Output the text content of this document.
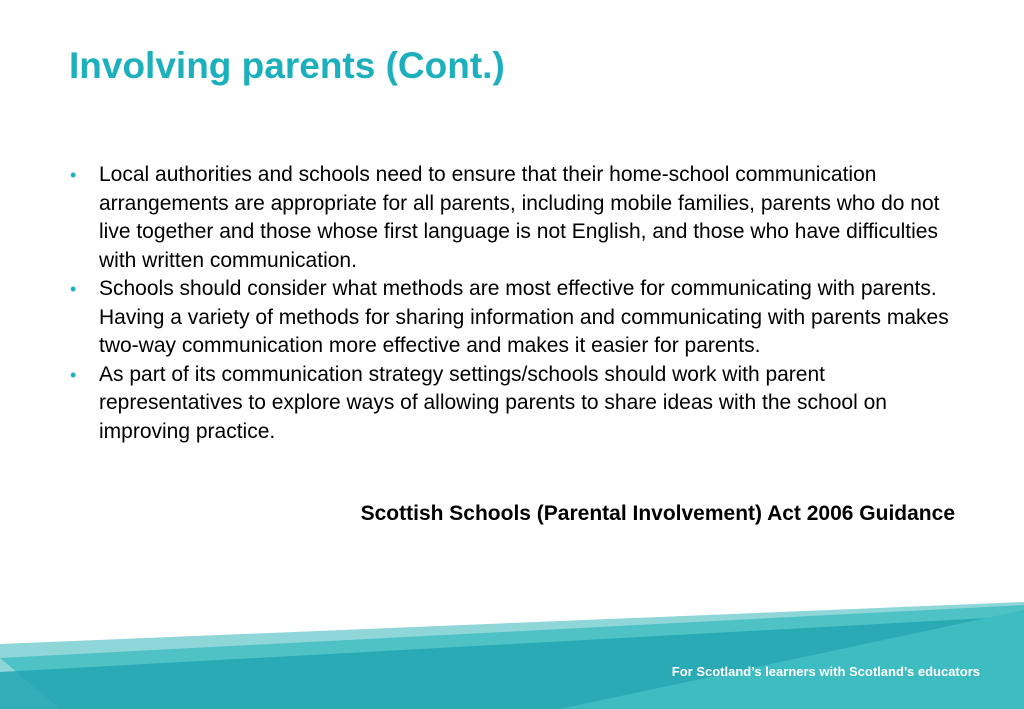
Involving parents (Cont.)
• Local authorities and schools need to ensure that their home-school communication arrangements are appropriate for all parents, including mobile families, parents who do not live together and those whose first language is not English, and those who have difficulties with written communication.
• Schools should consider what methods are most effective for communicating with parents. Having a variety of methods for sharing information and communicating with parents makes two-way communication more effective and makes it easier for parents.
• As part of its communication strategy settings/schools should work with parent representatives to explore ways of allowing parents to share ideas with the school on improving practice.

Scottish Schools (Parental Involvement) Act 2006 Guidance

For Scotland’s learners with Scotland’s educators
